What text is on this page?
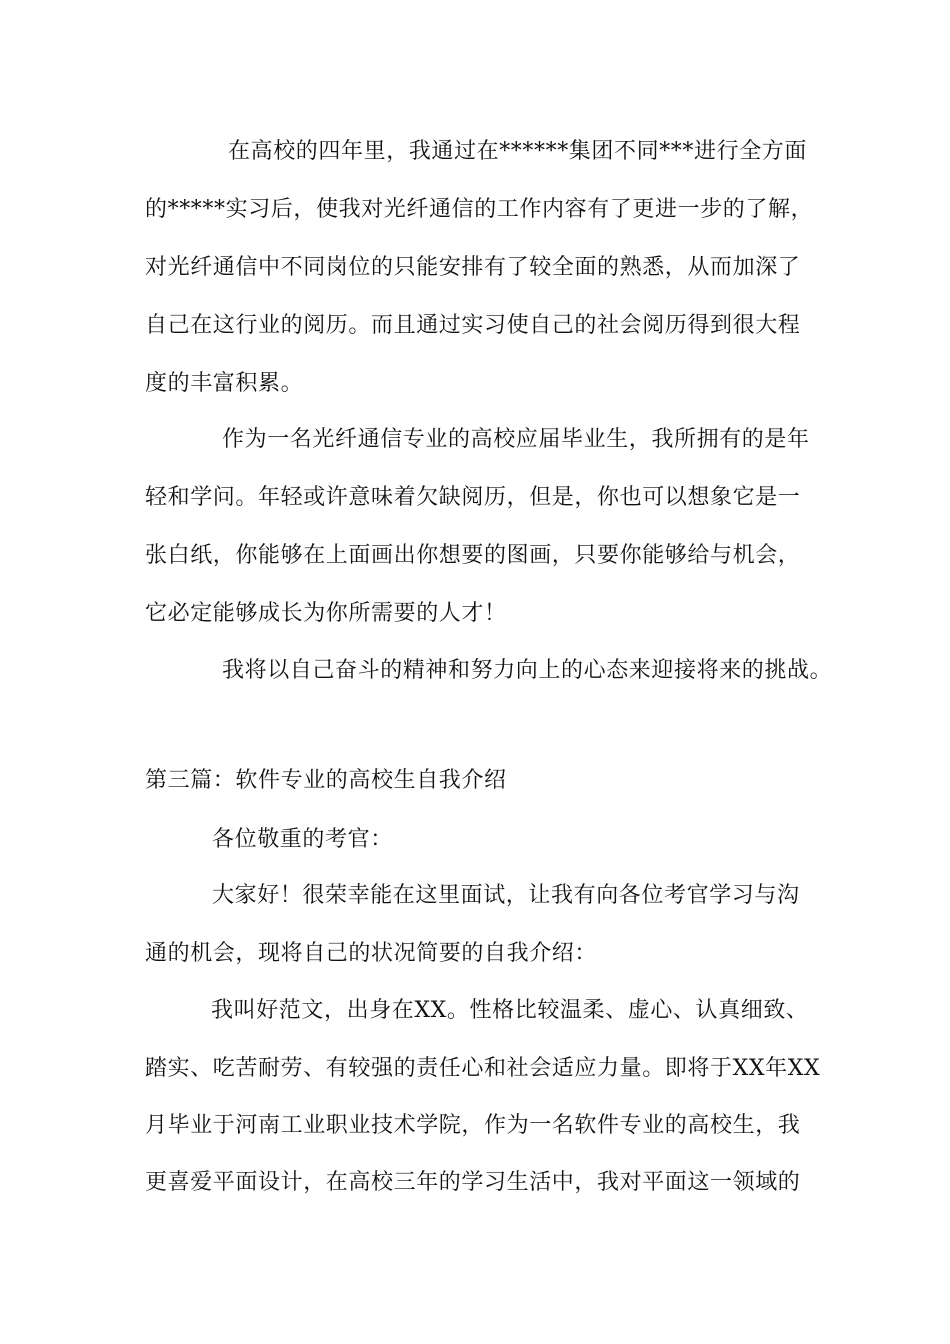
在高校的四年里，我通过在******集团不同***进行全方面
的*****实习后，使我对光纤通信的工作内容有了更进一步的了解，
对光纤通信中不同岗位的只能安排有了较全面的熟悉，从而加深了
自己在这行业的阅历。而且通过实习使自己的社会阅历得到很大程
度的丰富积累。
作为一名光纤通信专业的高校应届毕业生，我所拥有的是年
轻和学问。年轻或许意味着欠缺阅历，但是，你也可以想象它是一
张白纸，你能够在上面画出你想要的图画，只要你能够给与机会，
它必定能够成长为你所需要的人才！
我将以自己奋斗的精神和努力向上的心态来迎接将来的挑战。
第三篇：软件专业的高校生自我介绍
各位敬重的考官：
大家好！很荣幸能在这里面试，让我有向各位考官学习与沟
通的机会，现将自己的状况简要的自我介绍：
我叫好范文，出身在XX。性格比较温柔、虚心、认真细致、
踏实、吃苦耐劳、有较强的责任心和社会适应力量。即将于XX年XX
月毕业于河南工业职业技术学院，作为一名软件专业的高校生，我
更喜爱平面设计，在高校三年的学习生活中，我对平面这一领域的
